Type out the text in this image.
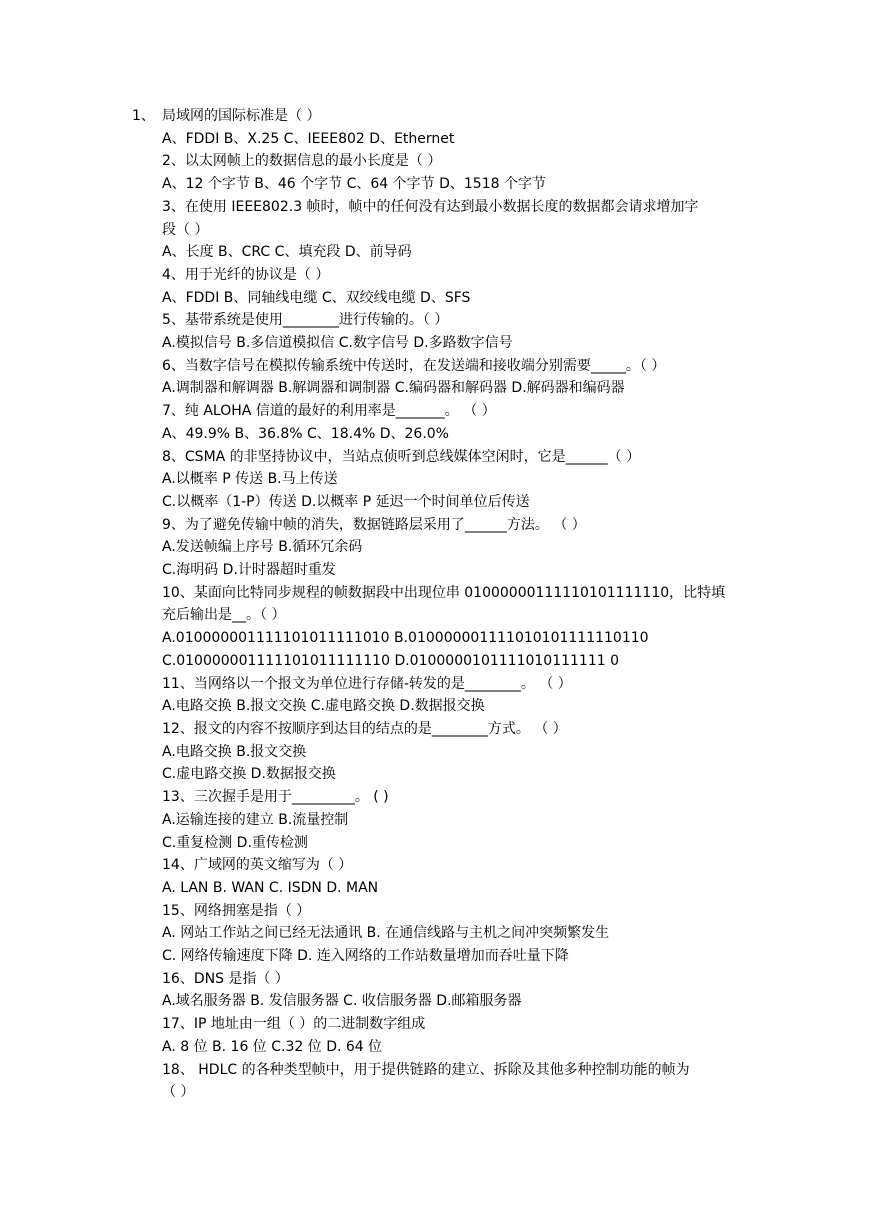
1、 局域网的国际标准是（ ）
A、FDDI B、X.25 C、IEEE802 D、Ethernet
2、以太网帧上的数据信息的最小长度是（ ）
A、12 个字节 B、46 个字节 C、64 个字节 D、1518 个字节
3、在使用 IEEE802.3 帧时，帧中的任何没有达到最小数据长度的数据都会请求增加字
段（ ）
A、长度 B、CRC C、填充段 D、前导码
4、用于光纤的协议是（ ）
A、FDDI B、同轴线电缆 C、双绞线电缆 D、SFS
5、基带系统是使用________进行传输的。（ ）
A.模拟信号 B.多信道模拟信 C.数字信号 D.多路数字信号
6、当数字信号在模拟传输系统中传送时，在发送端和接收端分别需要_____。（ ）
A.调制器和解调器 B.解调器和调制器 C.编码器和解码器 D.解码器和编码器
7、纯 ALOHA 信道的最好的利用率是_______。 （ ）
A、49.9% B、36.8% C、18.4% D、26.0%
8、CSMA 的非坚持协议中，当站点侦听到总线媒体空闲时，它是______（ ）
A.以概率 P 传送 B.马上传送
C.以概率（1-P）传送 D.以概率 P 延迟一个时间单位后传送
9、为了避免传输中帧的消失，数据链路层采用了______方法。 （ ）
A.发送帧编上序号 B.循环冗余码
C.海明码 D.计时器超时重发
10、某面向比特同步规程的帧数据段中出现位串 01000000111110101111110，比特填
充后输出是__。（ ）
A.010000001111101011111010 B.010000001111010101111110110
C.010000001111101011111110 D.0100000101111010111111 0
11、当网络以一个报文为单位进行存储-转发的是________。 （ ）
A.电路交换 B.报文交换 C.虚电路交换 D.数据报交换
12、报文的内容不按顺序到达目的结点的是________方式。 （ ）
A.电路交换 B.报文交换
C.虚电路交换 D.数据报交换
13、三次握手是用于_________。 ( )
A.运输连接的建立 B.流量控制
C.重复检测 D.重传检测
14、广域网的英文缩写为（ ）
A. LAN B. WAN C. ISDN D. MAN
15、网络拥塞是指（ ）
A. 网站工作站之间已经无法通讯 B. 在通信线路与主机之间冲突频繁发生
C. 网络传输速度下降 D. 连入网络的工作站数量增加而吞吐量下降
16、DNS 是指（ ）
A.域名服务器 B. 发信服务器 C. 收信服务器 D.邮箱服务器
17、IP 地址由一组（ ）的二进制数字组成
A. 8 位 B. 16 位 C.32 位 D. 64 位
18、 HDLC 的各种类型帧中，用于提供链路的建立、拆除及其他多种控制功能的帧为
（ ）
